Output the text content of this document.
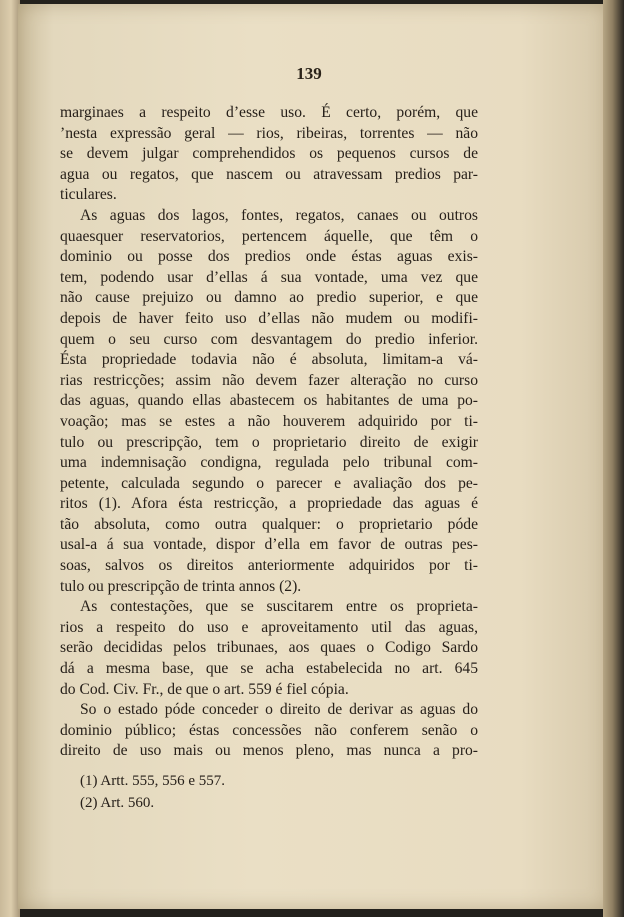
139
marginaes a respeito d’esse uso. É certo, porém, que
’nesta expressão geral — rios, ribeiras, torrentes — não
se devem julgar comprehendidos os pequenos cursos de
agua ou regatos, que nascem ou atravessam predios par-
ticulares.
As aguas dos lagos, fontes, regatos, canaes ou outros
quaesquer reservatorios, pertencem áquelle, que têm o
dominio ou posse dos predios onde éstas aguas exis-
tem, podendo usar d’ellas á sua vontade, uma vez que
não cause prejuizo ou damno ao predio superior, e que
depois de haver feito uso d’ellas não mudem ou modifi-
quem o seu curso com desvantagem do predio inferior.
Ésta propriedade todavia não é absoluta, limitam-a vá-
rias restricções; assim não devem fazer alteração no curso
das aguas, quando ellas abastecem os habitantes de uma po-
voação; mas se estes a não houverem adquirido por ti-
tulo ou prescripção, tem o proprietario direito de exigir
uma indemnisação condigna, regulada pelo tribunal com-
petente, calculada segundo o parecer e avaliação dos pe-
ritos (1). Afora ésta restricção, a propriedade das aguas é
tão absoluta, como outra qualquer: o proprietario póde
usal-a á sua vontade, dispor d’ella em favor de outras pes-
soas, salvos os direitos anteriormente adquiridos por ti-
tulo ou prescripção de trinta annos (2).
As contestações, que se suscitarem entre os proprieta-
rios a respeito do uso e aproveitamento util das aguas,
serão decididas pelos tribunaes, aos quaes o Codigo Sardo
dá a mesma base, que se acha estabelecida no art. 645
do Cod. Civ. Fr., de que o art. 559 é fiel cópia.
So o estado póde conceder o direito de derivar as aguas do
dominio público; éstas concessões não conferem senão o
direito de uso mais ou menos pleno, mas nunca a pro-
(1) Artt. 555, 556 e 557.
(2) Art. 560.
